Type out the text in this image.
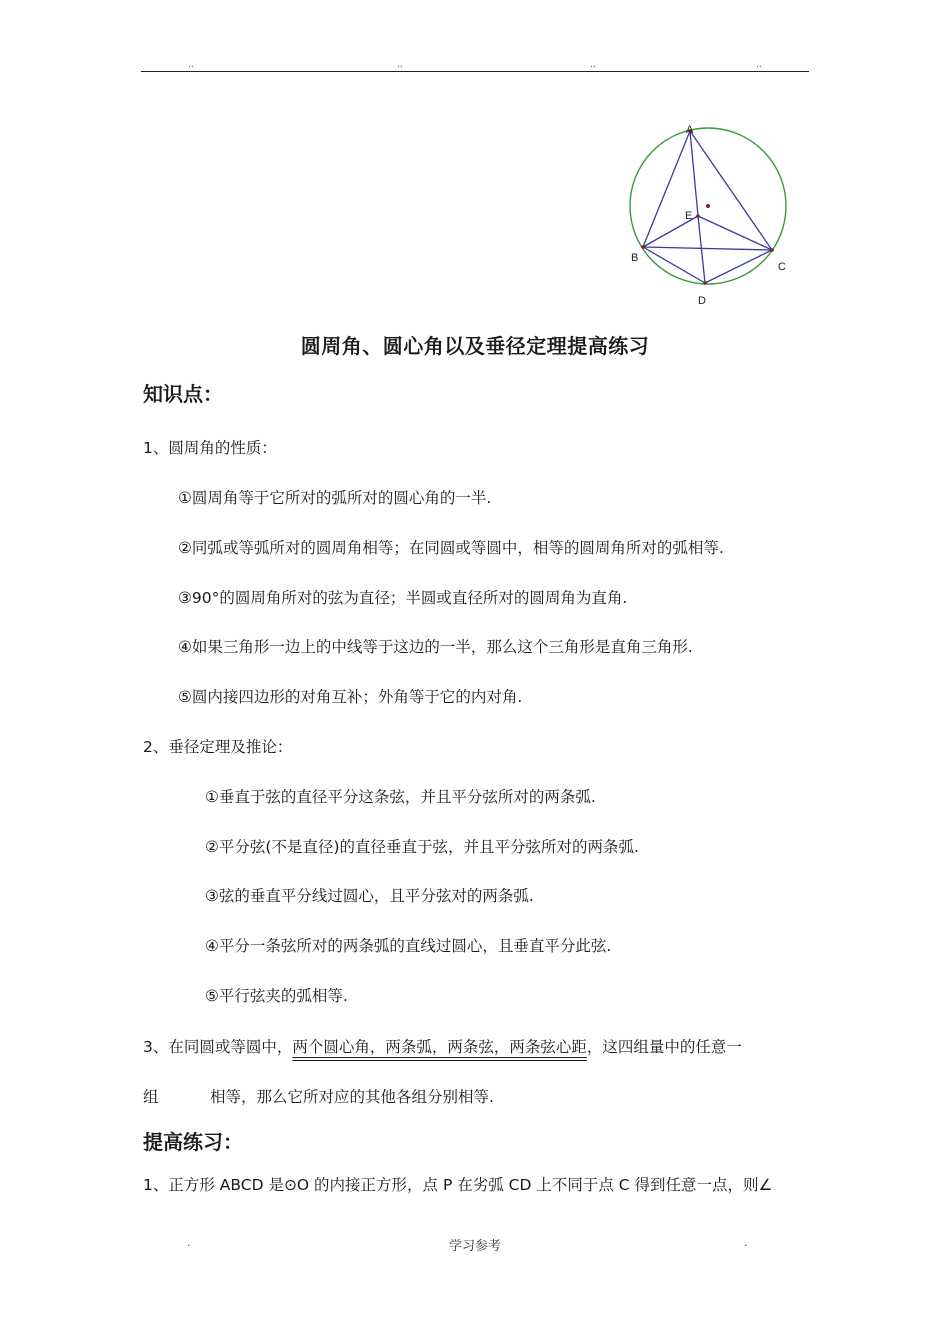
..	..	..	..
A
B
C
D
E
圆周角、圆心角以及垂径定理提高练习
知识点：
1、圆周角的性质：
①圆周角等于它所对的弧所对的圆心角的一半.
②同弧或等弧所对的圆周角相等；在同圆或等圆中，相等的圆周角所对的弧相等.
③90°的圆周角所对的弦为直径；半圆或直径所对的圆周角为直角.
④如果三角形一边上的中线等于这边的一半，那么这个三角形是直角三角形.
⑤圆内接四边形的对角互补；外角等于它的内对角.
2、垂径定理及推论：
①垂直于弦的直径平分这条弦，并且平分弦所对的两条弧.
②平分弦(不是直径)的直径垂直于弦，并且平分弦所对的两条弧.
③弦的垂直平分线过圆心，且平分弦对的两条弧.
④平分一条弦所对的两条弧的直线过圆心，且垂直平分此弦.
⑤平行弦夹的弧相等.
3、在同圆或等圆中，两个圆心角，两条弧，两条弦，两条弦心距，这四组量中的任意一
组	相等，那么它所对应的其他各组分别相等.
提高练习：
1、正方形 ABCD 是⊙O 的内接正方形，点 P 在劣弧 CD 上不同于点 C 得到任意一点，则∠
.	学习参考	.
